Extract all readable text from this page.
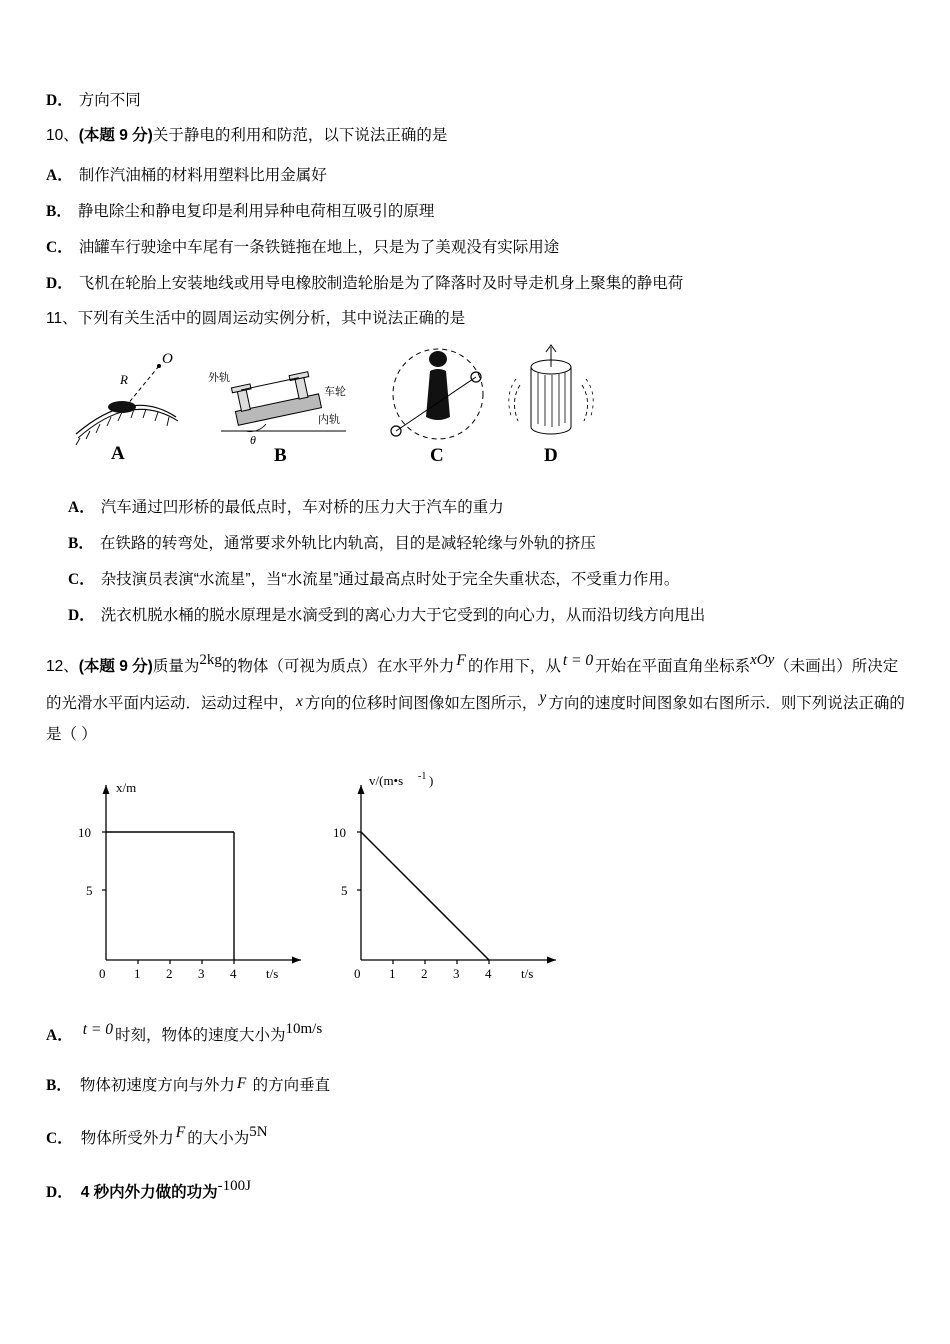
D． 方向不同
10、(本题 9 分)关于静电的利用和防范，以下说法正确的是
A． 制作汽油桶的材料用塑料比用金属好
B． 静电除尘和静电复印是利用异种电荷相互吸引的原理
C． 油罐车行驶途中车尾有一条铁链拖在地上，只是为了美观没有实际用途
D． 飞机在轮胎上安装地线或用导电橡胶制造轮胎是为了降落时及时导走机身上聚集的静电荷
11、下列有关生活中的圆周运动实例分析，其中说法正确的是
O
R
A
θ
外轨
车轮
内轨
B	C	D
A． 汽车通过凹形桥的最低点时，车对桥的压力大于汽车的重力
B． 在铁路的转弯处，通常要求外轨比内轨高，目的是减轻轮缘与外轨的挤压
C． 杂技演员表演“水流星”，当“水流星”通过最高点时处于完全失重状态，不受重力作用。
D． 洗衣机脱水桶的脱水原理是水滴受到的离心力大于它受到的向心力，从而沿切线方向甩出
12、(本题 9 分)质量为2kg的物体（可视为质点）在水平外力 F 的作用下，从 t = 0 开始在平面直角坐标系xOy（未画出）所决定的光滑水平面内运动．运动过程中， x 方向的位移时间图像如左图所示， y 方向的速度时间图象如右图所示．则下列说法正确的是（ ）
x/m
t/s
10
5
0 1 2 3 4
v/(m•s -1 )
t/s
10
5
0 1 2 3 4
A． t = 0 时刻，物体的速度大小为10m/s
B． 物体初速度方向与外力 F 的方向垂直
C． 物体所受外力 F 的大小为5N
D． 4 秒内外力做的功为-100J
